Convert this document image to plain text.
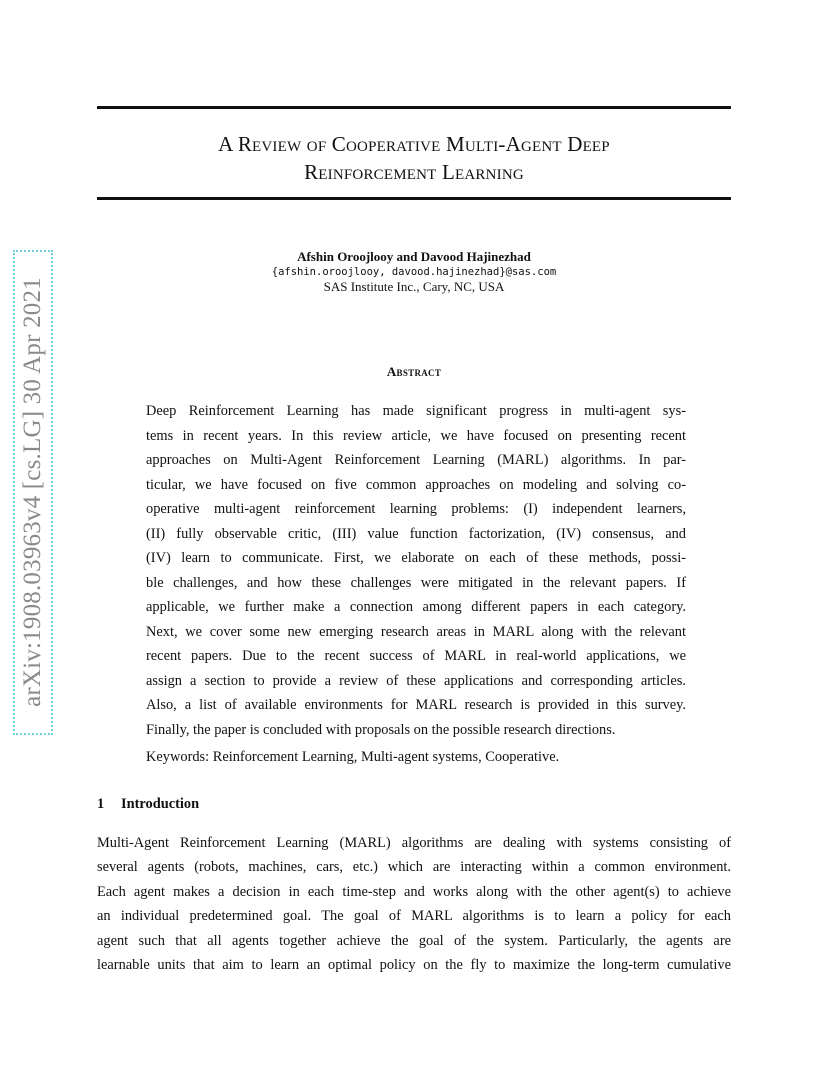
arXiv:1908.03963v4 [cs.LG] 30 Apr 2021
A Review of Cooperative Multi-Agent Deep
Reinforcement Learning
Afshin Oroojlooy and Davood Hajinezhad
{afshin.oroojlooy, davood.hajinezhad}@sas.com
SAS Institute Inc., Cary, NC, USA
Abstract
Deep Reinforcement Learning has made significant progress in multi-agent sys-
tems in recent years. In this review article, we have focused on presenting recent
approaches on Multi-Agent Reinforcement Learning (MARL) algorithms. In par-
ticular, we have focused on five common approaches on modeling and solving co-
operative multi-agent reinforcement learning problems: (I) independent learners,
(II) fully observable critic, (III) value function factorization, (IV) consensus, and
(IV) learn to communicate. First, we elaborate on each of these methods, possi-
ble challenges, and how these challenges were mitigated in the relevant papers. If
applicable, we further make a connection among different papers in each category.
Next, we cover some new emerging research areas in MARL along with the relevant
recent papers. Due to the recent success of MARL in real-world applications, we
assign a section to provide a review of these applications and corresponding articles.
Also, a list of available environments for MARL research is provided in this survey.
Finally, the paper is concluded with proposals on the possible research directions.
Keywords: Reinforcement Learning, Multi-agent systems, Cooperative.
1 Introduction
Multi-Agent Reinforcement Learning (MARL) algorithms are dealing with systems consisting of
several agents (robots, machines, cars, etc.) which are interacting within a common environment.
Each agent makes a decision in each time-step and works along with the other agent(s) to achieve
an individual predetermined goal. The goal of MARL algorithms is to learn a policy for each
agent such that all agents together achieve the goal of the system. Particularly, the agents are
learnable units that aim to learn an optimal policy on the fly to maximize the long-term cumulative
